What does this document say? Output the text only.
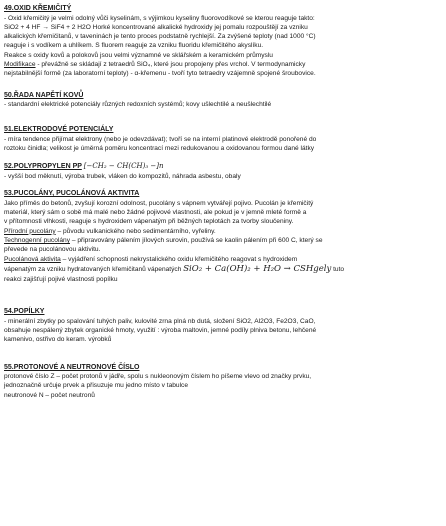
49.OXID KŘEMIČITÝ

- Oxid křemičitý je velmi odolný vůči kyselinám, s výjimkou kyseliny fluorovodíkové se kterou reaguje takto:

SiO2 + 4 HF → SiF4 + 2 H2O Horké koncentrované alkalické hydroxidy jej pomalu rozpouštějí za vzniku

alkalických křemičitanů, v taveninách je tento proces podstatně rychlejší. Za zvýšené teploty (nad 1000 °C)

reaguje i s vodíkem a uhlíkem. S fluorem reaguje za vzniku fluoridu křemičitého akyslíku.

Reakce s oxidy kovů a polokovů jsou velmi významné ve sklářském a keramickém průmyslu

Modifikace - převážně se skládají z tetraedrů SiO₄, které jsou propojeny přes vrchol. V termodynamicky

nejstabilnější formě (za laboratorní teploty) - α-křemenu - tvoří tyto tetraedry vzájemně spojené šroubovice.

50.ŘADA NAPĚTÍ KOVŮ

- standardní elektrické potenciály různých redoxních systémů; kovy ušlechtilé a neušlechtilé

51.ELEKTRODOVÉ POTENCIÁLY

- míra tendence přijímat elektrony (nebo je odevzdávat); tvoří se na interní platinové elektrodě ponořené do

roztoku činidla; velikost je úměrná poměru koncentrací mezi redukovanou a oxidovanou formou dané látky

52.POLYPROPYLEN PP [−CH₂ − CH(CH)₃ −]n

- vyšší bod měknutí, výroba trubek, vláken do kompozitů, náhrada asbestu, obaly

53.PUCOLÁNY, PUCOLÁNOVÁ AKTIVITA

Jako příměs do betonů, zvyšují korozní odolnost, pucolány s vápnem vytvářejí pojivo. Pucolán je křemičitý

materiál, který sám o sobě má malé nebo žádné pojivové vlastnosti, ale pokud je v jemně mleté formě a

v přítomnosti vlhkosti, reaguje s hydroxidem vápenatým při běžných teplotách za tvorby sloučeniny.

Přírodní pucolány – původu vulkanického nebo sedimentárního, vyřeliny.

Technogenní pucolány – připravovány pálením jílových surovin, používá se kaolin pálením při 600 C, který se

převede na pucolánovou aktivitu.

Pucolánová aktivita – vyjádření schopnosti nekrystalického oxidu křemičitého reagovat s hydroxidem

vápenatým za vzniku hydratovaných křemičitanů vápenatých SiO₂ + Ca(OH)₂ + H₂O → CSHgely tuto

reakci zajišťují pojivé vlastnosti popílku

54.POPÍLKY

- minerální zbytky po spalování tuhých paliv, kulovité zrna plná nb dutá, složení SiO2, Al2O3, Fe2O3, CaO,

obsahuje nespálený zbytek organické hmoty, využití : výroba maltovin, jemné podíly plniva betonu, lehčené

kamenivo, ostřivo do keram. výrobků

55.PROTONOVÉ A NEUTRONOVÉ ČÍSLO

protonové číslo Z – počet protonů v jádře, spolu s nukleonovým číslem ho píšeme vlevo od značky prvku,

jednoznačně určuje prvek a přisuzuje mu jedno místo v tabulce

neutronové N – počet neutronů
